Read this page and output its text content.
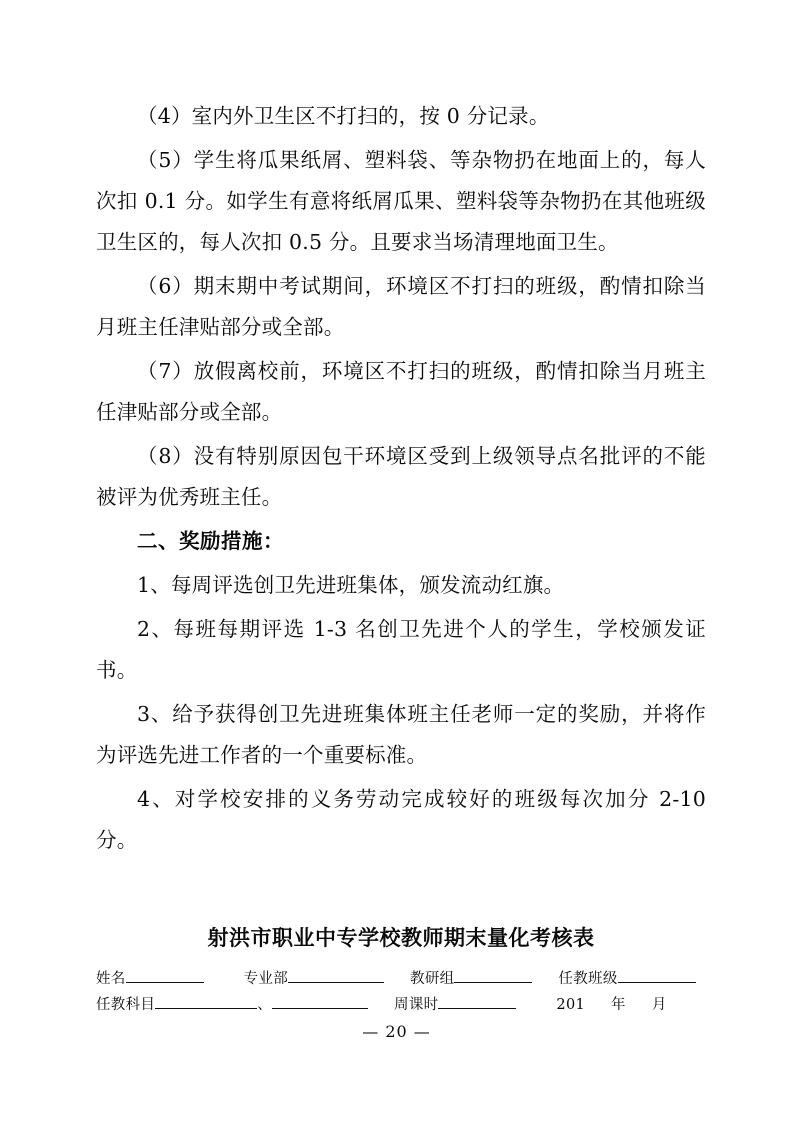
（4）室内外卫生区不打扫的，按 0 分记录。

（5）学生将瓜果纸屑、塑料袋、等杂物扔在地面上的，每人次扣 0.1 分。如学生有意将纸屑瓜果、塑料袋等杂物扔在其他班级卫生区的，每人次扣 0.5 分。且要求当场清理地面卫生。

（6）期末期中考试期间，环境区不打扫的班级，酌情扣除当月班主任津贴部分或全部。

（7）放假离校前，环境区不打扫的班级，酌情扣除当月班主任津贴部分或全部。

（8）没有特别原因包干环境区受到上级领导点名批评的不能被评为优秀班主任。

二、奖励措施：

1、每周评选创卫先进班集体，颁发流动红旗。

2、每班每期评选 1-3 名创卫先进个人的学生，学校颁发证书。

3、给予获得创卫先进班集体班主任老师一定的奖励，并将作为评选先进工作者的一个重要标准。

4、对学校安排的义务劳动完成较好的班级每次加分 2-10 分。

射洪市职业中专学校教师期末量化考核表
姓名	专业部	教研组	任教班级
任教科目	、	周课时	201 年 月
— 20 —
